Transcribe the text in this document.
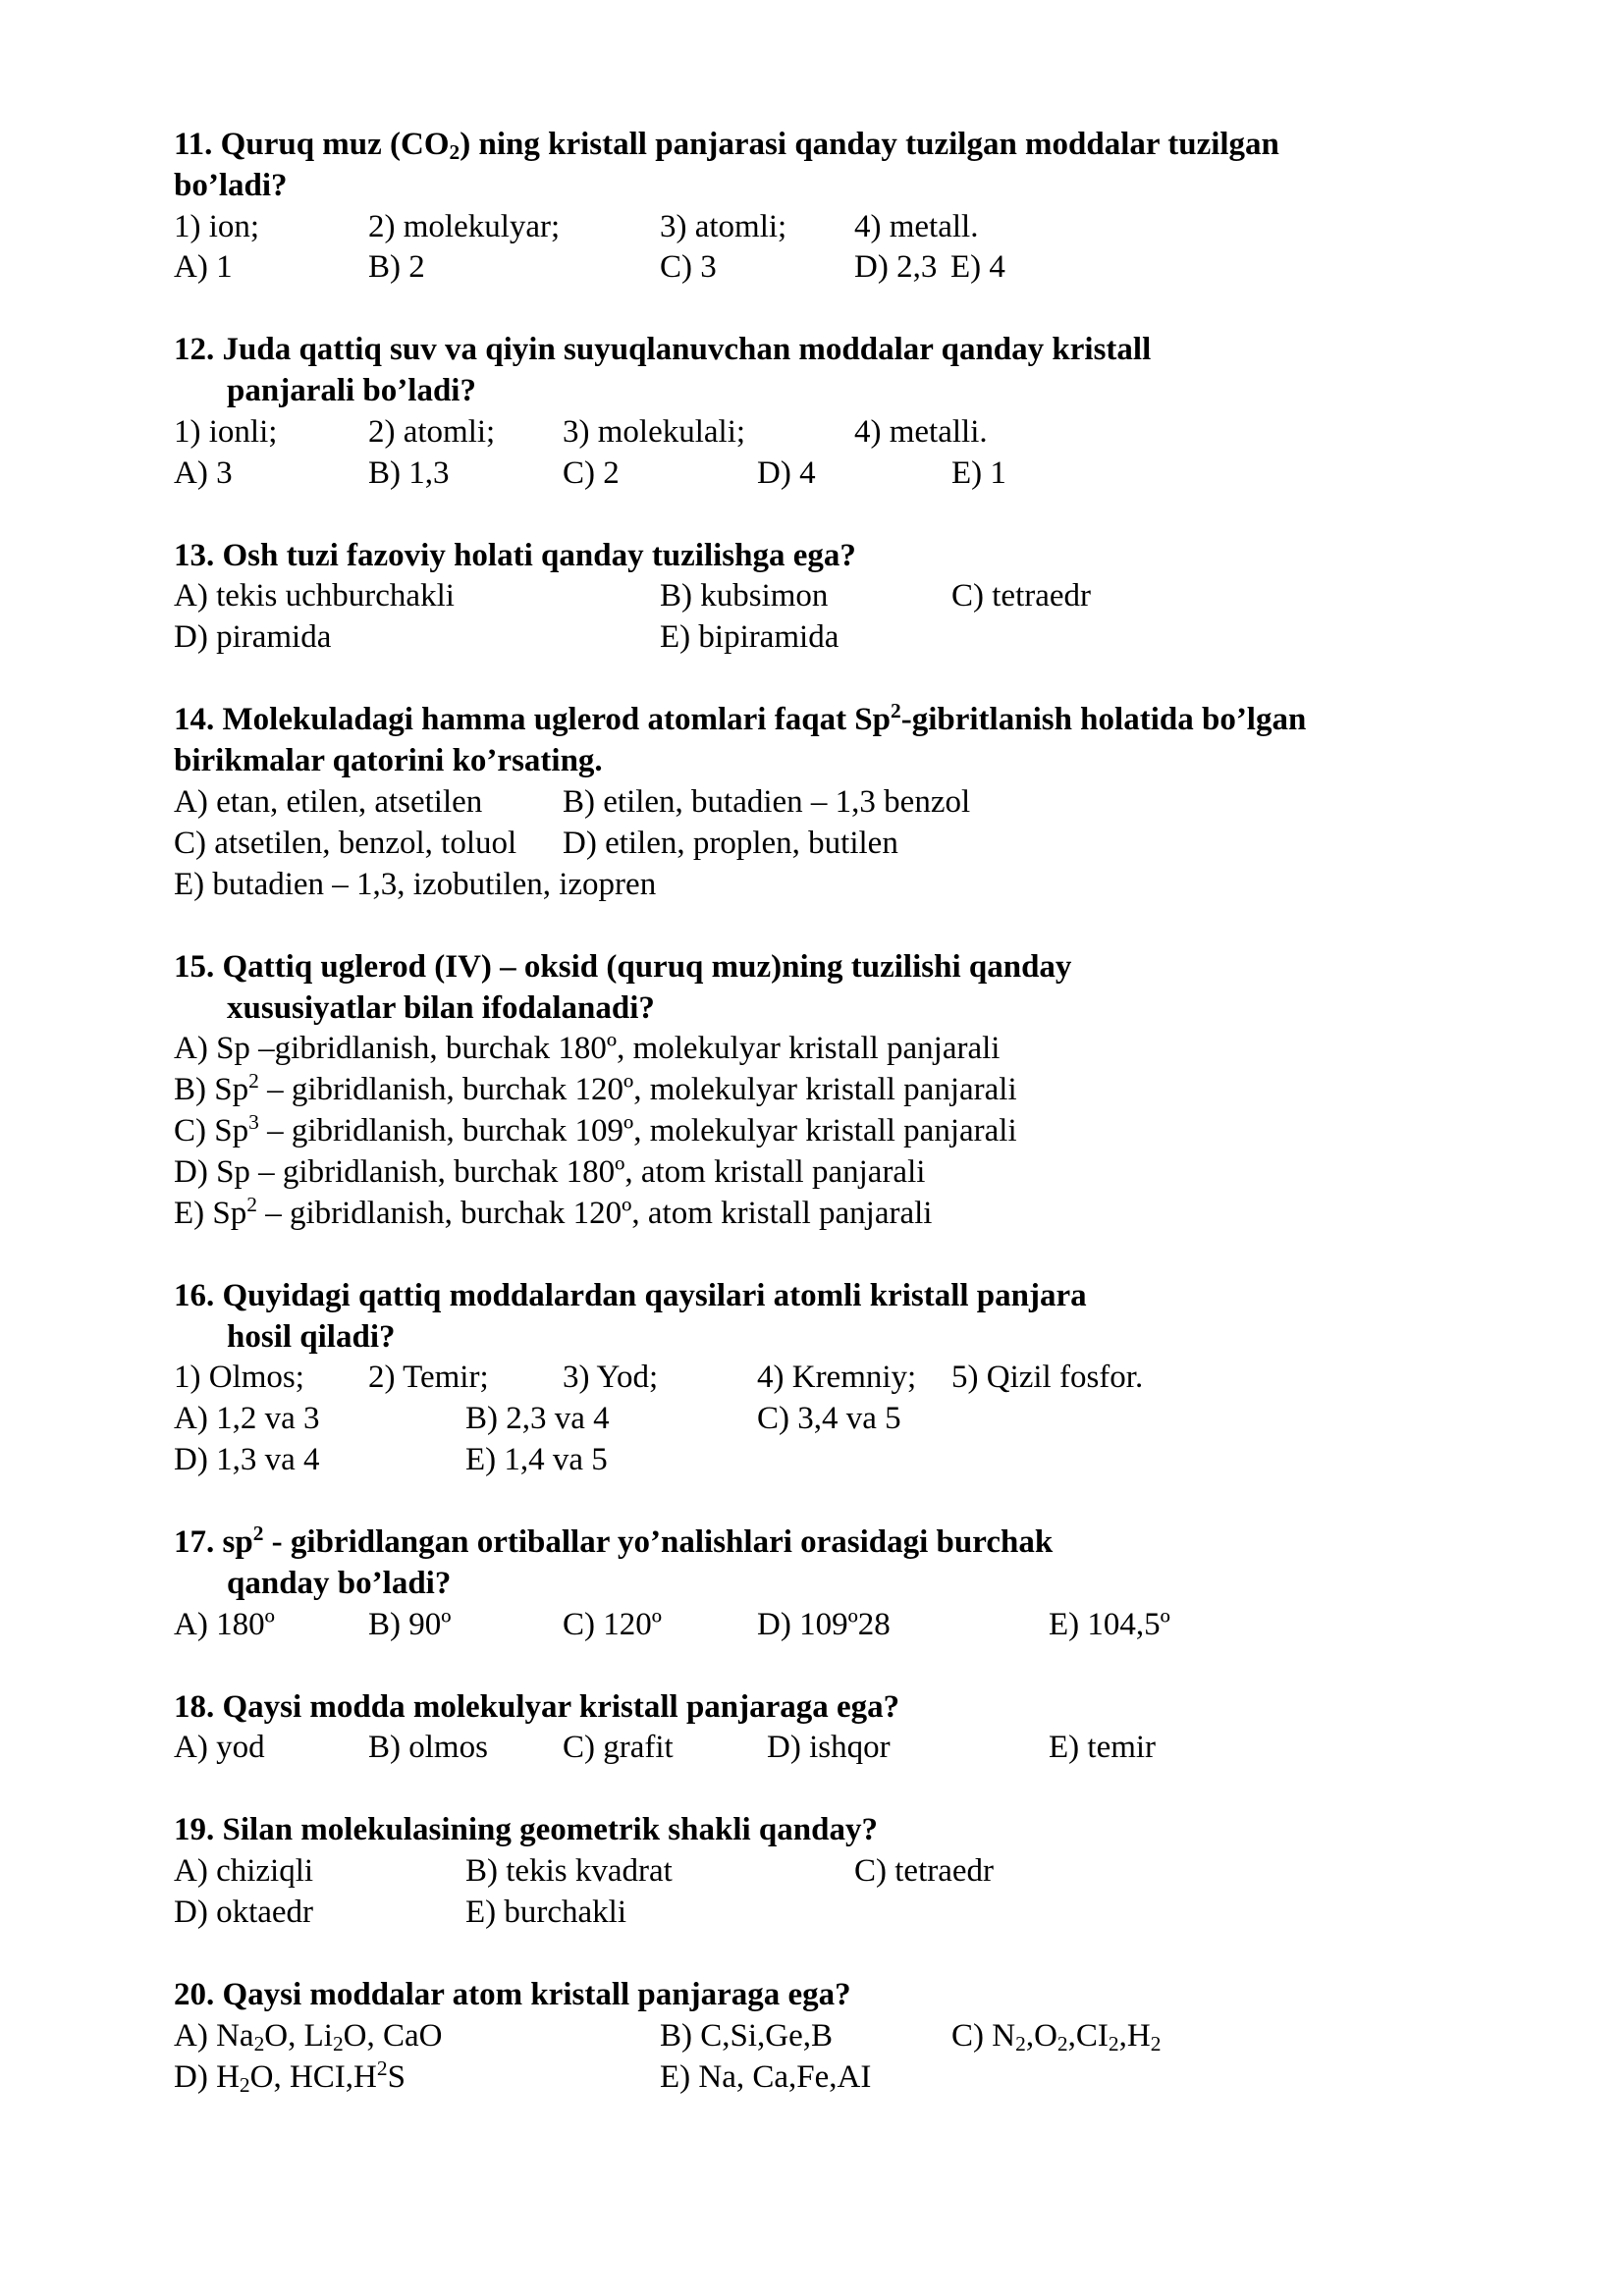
11. Quruq muz $(CO_2)$ ning kristall panjarasi qanday tuzilgan moddalar tuzilgan
bo’ladi?
1) ion;	2) molekulyar;	3) atomli; 4) metall.
A) 1	B) 2	C) 3	D) 2,3 E) 4
12. Juda qattiq suv va qiyin suyuqlanuvchan moddalar qanday kristall
panjarali bo’ladi?
1) ionli;	2) atomli; 3) molekulali;	4) metalli.
A) 3	B) 1,3	C) 2	D) 4	E) 1
13. Osh tuzi fazoviy holati qanday tuzilishga ega?
A) tekis uchburchakli	B) kubsimon	C) tetraedr
D) piramida	E) bipiramida
14. Molekuladagi hamma uglerod atomlari faqat Sp$^2$-gibritlanish holatida bo’lgan
birikmalar qatorini ko’rsating.
A) etan, etilen, atsetilen B) etilen, butadien – 1,3 benzol
C) atsetilen, benzol, toluol D) etilen, proplen, butilen
E) butadien – 1,3, izobutilen, izopren
15. Qattiq uglerod (IV) – oksid (quruq muz)ning tuzilishi qanday
xususiyatlar bilan ifodalanadi?
A) Sp –gibridlanish, burchak 180º, molekulyar kristall panjarali
B) Sp$^2$ – gibridlanish, burchak 120º, molekulyar kristall panjarali
C) Sp$^3$ – gibridlanish, burchak 109º, molekulyar kristall panjarali
D) Sp – gibridlanish, burchak 180º, atom kristall panjarali
E) Sp$^2$ – gibridlanish, burchak 120º, atom kristall panjarali
16. Quyidagi qattiq moddalardan qaysilari atomli kristall panjara
hosil qiladi?
1) Olmos; 2) Temir; 3) Yod;	4) Kremniy; 5) Qizil fosfor.
A) 1,2 va 3	B) 2,3 va 4	C) 3,4 va 5
D) 1,3 va 4	E) 1,4 va 5
17. $sp^2$ - gibridlangan ortiballar yo’nalishlari orasidagi burchak
qanday bo’ladi?
A) 180º	B) 90º	C) 120º	D) 109º28	E) 104,5º
18. Qaysi modda molekulyar kristall panjaraga ega?
A) yod	B) olmos C) grafit	D) ishqor	E) temir
19. Silan molekulasining geometrik shakli qanday?
A) chiziqli	B) tekis kvadrat	C) tetraedr
D) oktaedr	E) burchakli
20. Qaysi moddalar atom kristall panjaraga ega?
A) $Na_2O$, $Li_2O$, CaO	B) C,Si,Ge,B	C) $N_2,O_2,CI_2,H_2$
D) $H_2O$, $HCI,H^2S$	E) Na, Ca,Fe,AI
